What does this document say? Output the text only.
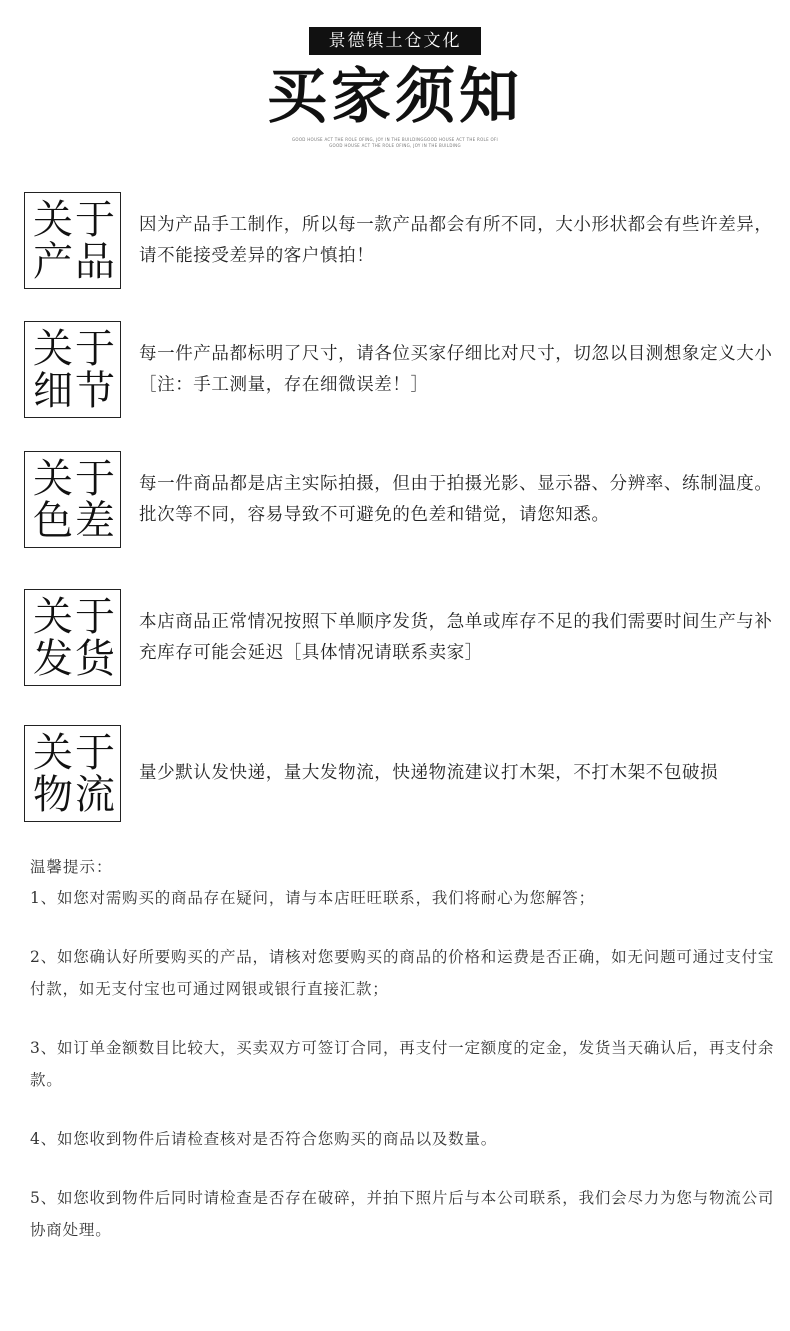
景德镇土仓文化
买家须知
GOOD HOUSE ACT THE ROLE OFING, JOY IN THE BUILDINGGOOD HOUSE ACT THE ROLE OFI
GOOD HOUSE ACT THE ROLE OFING, JOY IN THE BUILDING
关于产品
因为产品手工制作，所以每一款产品都会有所不同，大小形状都会有些许差异，请不能接受差异的客户慎拍！
关于细节
每一件产品都标明了尺寸，请各位买家仔细比对尺寸，切忽以目测想象定义大小［注：手工测量，存在细微误差！］
关于色差
每一件商品都是店主实际拍摄，但由于拍摄光影、显示器、分辨率、练制温度。批次等不同，容易导致不可避免的色差和错觉，请您知悉。
关于发货
本店商品正常情况按照下单顺序发货，急单或库存不足的我们需要时间生产与补充库存可能会延迟［具体情况请联系卖家］
关于物流 量少默认发快递，量大发物流，快递物流建议打木架，不打木架不包破损
温馨提示：
1、如您对需购买的商品存在疑问，请与本店旺旺联系，我们将耐心为您解答；
2、如您确认好所要购买的产品，请核对您要购买的商品的价格和运费是否正确，如无问题可通过支付宝付款，如无支付宝也可通过网银或银行直接汇款；
3、如订单金额数目比较大，买卖双方可签订合同，再支付一定额度的定金，发货当天确认后，再支付余款。
4、如您收到物件后请检查核对是否符合您购买的商品以及数量。
5、如您收到物件后同时请检查是否存在破碎，并拍下照片后与本公司联系，我们会尽力为您与物流公司协商处理。
